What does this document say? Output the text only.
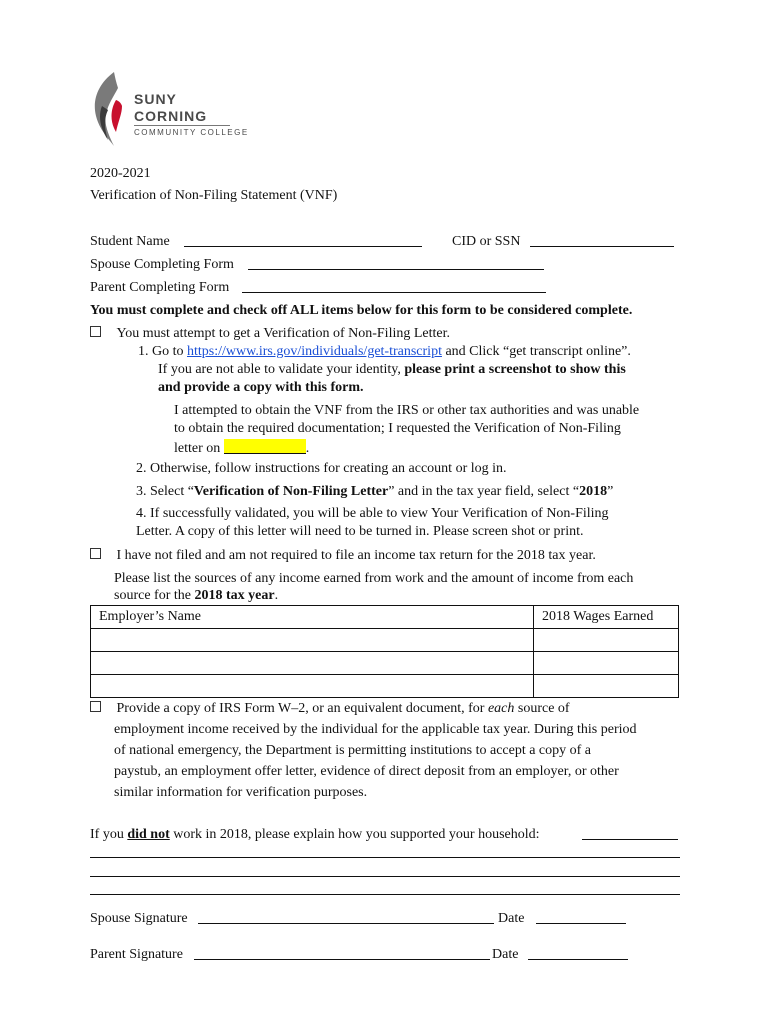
SUNY
CORNING
COMMUNITY COLLEGE
2020-2021
Verification of Non-Filing Statement (VNF)
Student Name	CID or SSN
Spouse Completing Form
Parent Completing Form
You must complete and check off ALL items below for this form to be considered complete.
You must attempt to get a Verification of Non-Filing Letter.
1. Go to https://www.irs.gov/individuals/get-transcript and Click “get transcript online”.
If you are not able to validate your identity, please print a screenshot to show this
and provide a copy with this form.
I attempted to obtain the VNF from the IRS or other tax authorities and was unable
to obtain the required documentation; I requested the Verification of Non-Filing
letter on	.
2. Otherwise, follow instructions for creating an account or log in.
3. Select “Verification of Non-Filing Letter” and in the tax year field, select “2018”
4. If successfully validated, you will be able to view Your Verification of Non-Filing
Letter. A copy of this letter will need to be turned in. Please screen shot or print.
I have not filed and am not required to file an income tax return for the 2018 tax year.
Please list the sources of any income earned from work and the amount of income from each
source for the 2018 tax year.
Employer’s Name	2018 Wages Earned

Provide a copy of IRS Form W–2, or an equivalent document, for each source of
employment income received by the individual for the applicable tax year. During this period
of national emergency, the Department is permitting institutions to accept a copy of a
paystub, an employment offer letter, evidence of direct deposit from an employer, or other
similar information for verification purposes.
If you did not work in 2018, please explain how you supported your household:
Spouse Signature	Date
Parent Signature	Date
